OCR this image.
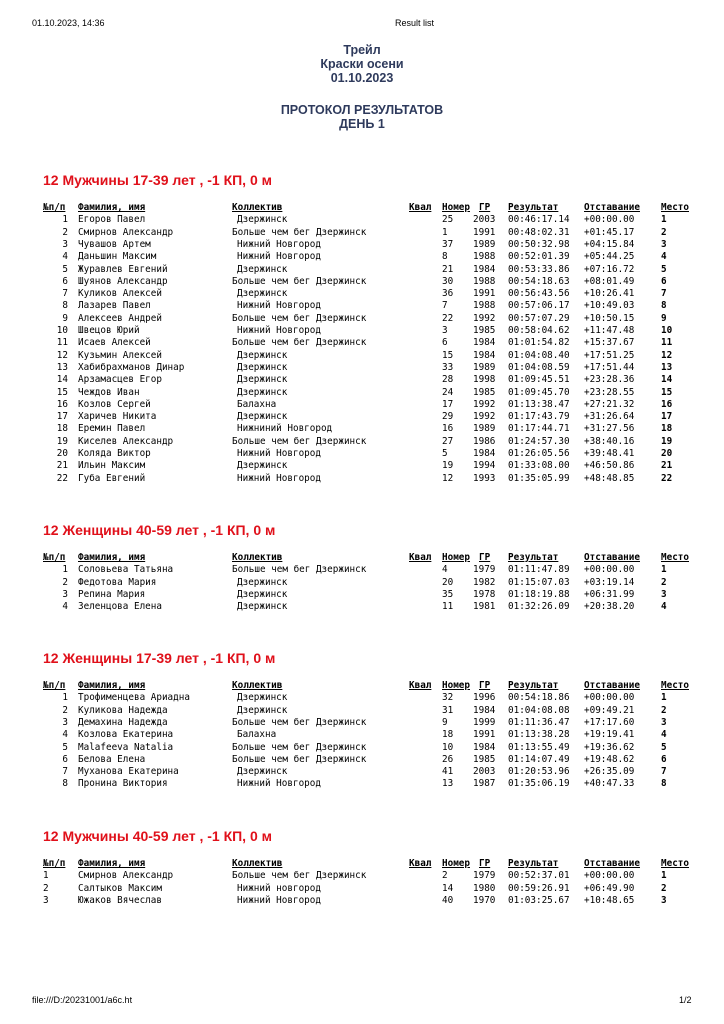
01.10.2023, 14:36	Result list
Трейл
Краски осени
01.10.2023
ПРОТОКОЛ РЕЗУЛЬТАТОВ
ДЕНЬ 1
12 Мужчины 17-39 лет , -1 КП, 0 м
№п/п Фамилия, имя	Коллектив	Квал Номер ГР Результат	Отставание Место
1 Егоров Павел	Дзержинск	25 2003 00:46:17.14 +00:00.00	1
2 Смирнов Александр	Больше чем бег Дзержинск	1	1991 00:48:02.31 +01:45.17	2
3 Чувашов Артем	Нижний Новгород	37 1989 00:50:32.98 +04:15.84	3
4 Даньшин Максим	Нижний Новгород	8	1988 00:52:01.39 +05:44.25	4
5 Журавлев Евгений	Дзержинск	21 1984 00:53:33.86 +07:16.72	5
6 Шуянов Александр	Больше чем бег Дзержинск	30 1988 00:54:18.63 +08:01.49	6
7 Куликов Алексей	Дзержинск	36 1991 00:56:43.56 +10:26.41	7
8 Лазарев Павел	Нижний Новгород	7	1988 00:57:06.17 +10:49.03	8
9 Алексеев Андрей	Больше чем бег Дзержинск	22 1992 00:57:07.29 +10:50.15	9
10 Швецов Юрий	Нижний Новгород	3	1985 00:58:04.62 +11:47.48	10
11 Исаев Алексей	Больше чем бег Дзержинск	6	1984 01:01:54.82 +15:37.67	11
12 Кузьмин Алексей	Дзержинск	15 1984 01:04:08.40 +17:51.25	12
13 Хабибрахманов Динар	Дзержинск	33 1989 01:04:08.59 +17:51.44	13
14 Арзамасцев Егор	Дзержинск	28 1998 01:09:45.51 +23:28.36	14
15 Чеждов Иван	Дзержинск	24 1985 01:09:45.70 +23:28.55	15
16 Козлов Сергей	Балахна	17 1992 01:13:38.47 +27:21.32	16
17 Харичев Никита	Дзержинск	29 1992 01:17:43.79 +31:26.64	17
18 Еремин Павел	Нижниний Новгород	16 1989 01:17:44.71 +31:27.56	18
19 Киселев Александр	Больше чем бег Дзержинск	27 1986 01:24:57.30 +38:40.16	19
20 Коляда Виктор	Нижний Новгород	5	1984 01:26:05.56 +39:48.41	20
21 Ильин Максим	Дзержинск	19 1994 01:33:08.00 +46:50.86	21
22 Губа Евгений	Нижний Новгород	12 1993 01:35:05.99 +48:48.85	22
12 Женщины 40-59 лет , -1 КП, 0 м
№п/п Фамилия, имя	Коллектив	Квал Номер ГР Результат	Отставание Место
1 Соловьева Татьяна	Больше чем бег Дзержинск	4	1979 01:11:47.89 +00:00.00	1
2 Федотова Мария	Дзержинск	20 1982 01:15:07.03 +03:19.14	2
3 Репина Мария	Дзержинск	35 1978 01:18:19.88 +06:31.99	3
4 Зеленцова Елена	Дзержинск	11 1981 01:32:26.09 +20:38.20	4
12 Женщины 17-39 лет , -1 КП, 0 м
№п/п Фамилия, имя	Коллектив	Квал Номер ГР Результат	Отставание Место
1 Трофименцева Ариадна	Дзержинск	32 1996 00:54:18.86 +00:00.00	1
2 Куликова Надежда	Дзержинск	31 1984 01:04:08.08 +09:49.21	2
3 Демахина Надежда	Больше чем бег Дзержинск	9	1999 01:11:36.47 +17:17.60	3
4 Козлова Екатерина	Балахна	18 1991 01:13:38.28 +19:19.41	4
5 Malafeeva Natalia	Больше чем бег Дзержинск	10 1984 01:13:55.49 +19:36.62	5
6 Белова Елена	Больше чем бег Дзержинск	26 1985 01:14:07.49 +19:48.62	6
7 Муханова Екатерина	Дзержинск	41 2003 01:20:53.96 +26:35.09	7
8 Пронина Виктория	Нижний Новгород	13 1987 01:35:06.19 +40:47.33	8
12 Мужчины 40-59 лет , -1 КП, 0 м
№п/п Фамилия, имя	Коллектив	Квал Номер ГР Результат	Отставание Место
1	Смирнов Александр	Больше чем бег Дзержинск	2	1979 00:52:37.01 +00:00.00	1
2	Салтыков Максим	Нижний новгород	14 1980 00:59:26.91 +06:49.90	2
3	Южаков Вячеслав	Нижний Новгород	40 1970 01:03:25.67 +10:48.65	3
file:///D:/20231001/a6c.ht	1/2
